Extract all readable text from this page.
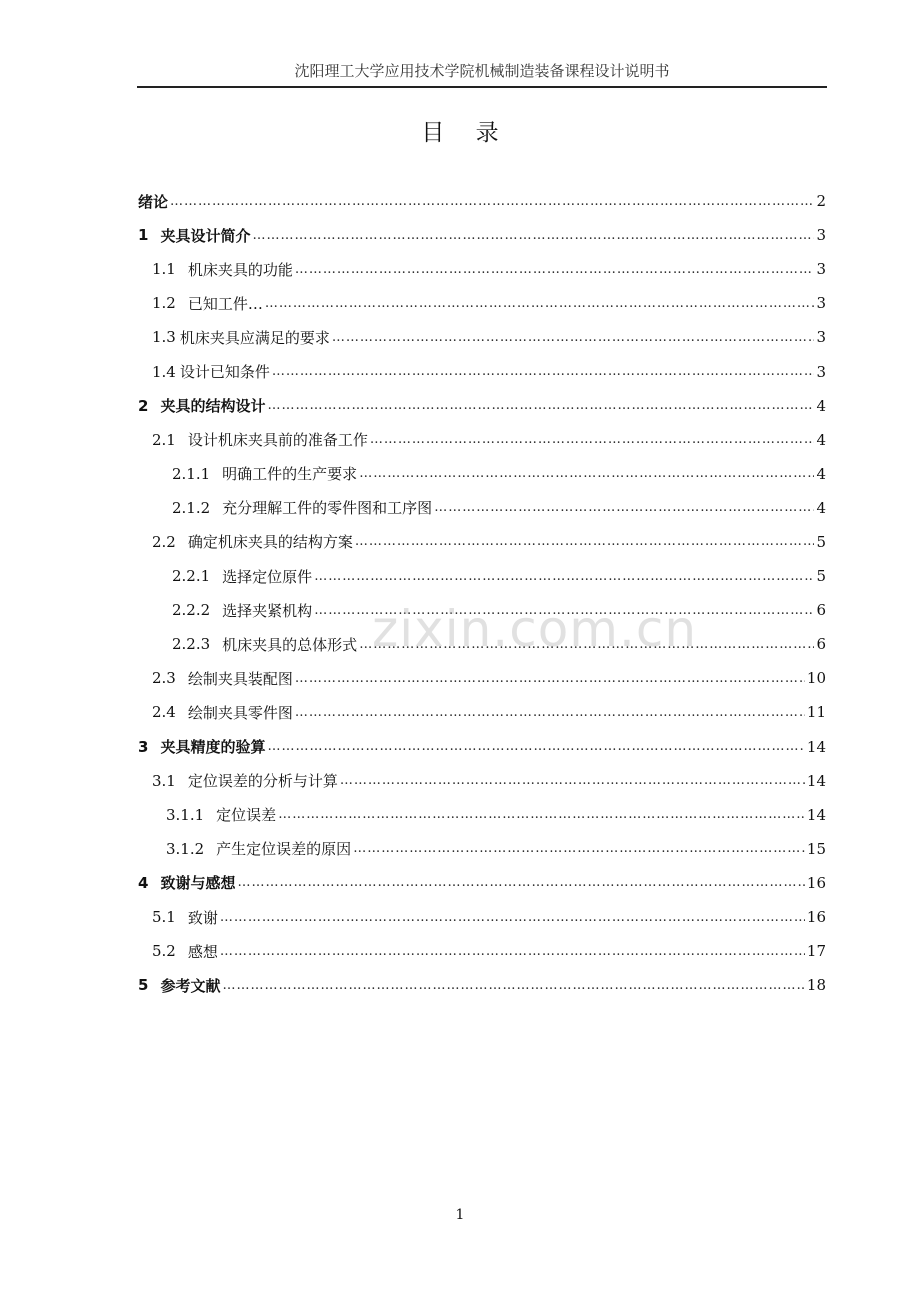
沈阳理工大学应用技术学院机械制造装备课程设计说明书
目 录
绪论 ……………………………………………………………………………………………………………………………………………………………………………………………………………………………	2
1 夹具设计简介 ……………………………………………………………………………………………………………………………………………………………………………………………………………………………	3
1.1 机床夹具的功能 ……………………………………………………………………………………………………………………………………………………………………………………………………………………………	3
1.2 已知工件… ……………………………………………………………………………………………………………………………………………………………………………………………………………………………	3
1.3 机床夹具应满足的要求 ……………………………………………………………………………………………………………………………………………………………………………………………………………………………	3
1.4 设计已知条件 ……………………………………………………………………………………………………………………………………………………………………………………………………………………………	3
2 夹具的结构设计 ……………………………………………………………………………………………………………………………………………………………………………………………………………………………	4
2.1 设计机床夹具前的准备工作 ……………………………………………………………………………………………………………………………………………………………………………………………………………………………	4
2.1.1 明确工件的生产要求 ……………………………………………………………………………………………………………………………………………………………………………………………………………………………	4
2.1.2 充分理解工件的零件图和工序图 ……………………………………………………………………………………………………………………………………………………………………………………………………………………………	4
2.2 确定机床夹具的结构方案 ……………………………………………………………………………………………………………………………………………………………………………………………………………………………	5
2.2.1 选择定位原件 ……………………………………………………………………………………………………………………………………………………………………………………………………………………………	5
2.2.2 选择夹紧机构 ……………………………………………………………………………………………………………………………………………………………………………………………………………………………	6
2.2.3 机床夹具的总体形式 ……………………………………………………………………………………………………………………………………………………………………………………………………………………………	6
2.3 绘制夹具装配图 ……………………………………………………………………………………………………………………………………………………………………………………………………………………………	10
2.4 绘制夹具零件图 ……………………………………………………………………………………………………………………………………………………………………………………………………………………………	11
3 夹具精度的验算 ……………………………………………………………………………………………………………………………………………………………………………………………………………………………	14
3.1 定位误差的分析与计算 ……………………………………………………………………………………………………………………………………………………………………………………………………………………………	14
3.1.1 定位误差 ……………………………………………………………………………………………………………………………………………………………………………………………………………………………	14
3.1.2 产生定位误差的原因 ……………………………………………………………………………………………………………………………………………………………………………………………………………………………	15
4 致谢与感想 ……………………………………………………………………………………………………………………………………………………………………………………………………………………………	16
5.1 致谢 ……………………………………………………………………………………………………………………………………………………………………………………………………………………………	16
5.2 感想 ……………………………………………………………………………………………………………………………………………………………………………………………………………………………	17
5 参考文献 ……………………………………………………………………………………………………………………………………………………………………………………………………………………………	18
zixin.com.cn
1
